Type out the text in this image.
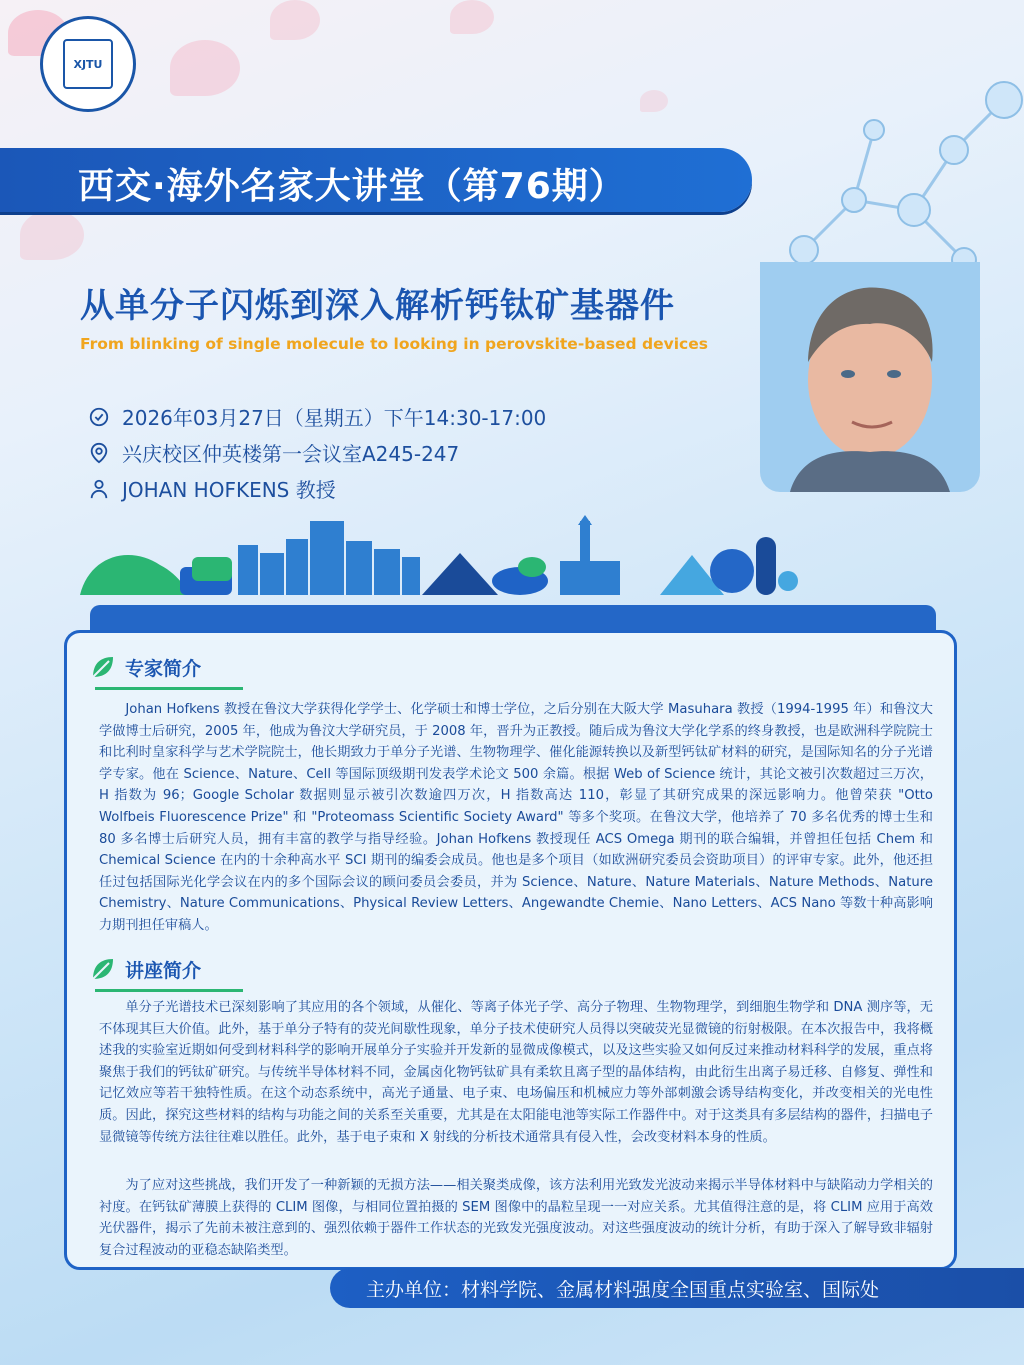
XJTU
西交·海外名家大讲堂（第76期）
从单分子闪烁到深入解析钙钛矿基器件
From blinking of single molecule to looking in perovskite-based devices
2026年03月27日（星期五）下午14:30-17:00
兴庆校区仲英楼第一会议室A245-247
JOHAN HOFKENS 教授
专家简介

Johan Hofkens 教授在鲁汶大学获得化学学士、化学硕士和博士学位，之后分别在大阪大学 Masuhara 教授（1994-1995 年）和鲁汶大学做博士后研究，2005 年，他成为鲁汶大学研究员，于 2008 年，晋升为正教授。随后成为鲁汶大学化学系的终身教授，也是欧洲科学院院士和比利时皇家科学与艺术学院院士，他长期致力于单分子光谱、生物物理学、催化能源转换以及新型钙钛矿材料的研究，是国际知名的分子光谱学专家。他在 Science、Nature、Cell 等国际顶级期刊发表学术论文 500 余篇。根据 Web of Science 统计，其论文被引次数超过三万次，H 指数为 96；Google Scholar 数据则显示被引次数逾四万次，H 指数高达 110，彰显了其研究成果的深远影响力。他曾荣获 "Otto Wolfbeis Fluorescence Prize" 和 "Proteomass Scientific Society Award" 等多个奖项。在鲁汶大学，他培养了 70 多名优秀的博士生和 80 多名博士后研究人员，拥有丰富的教学与指导经验。Johan Hofkens 教授现任 ACS Omega 期刊的联合编辑，并曾担任包括 Chem 和 Chemical Science 在内的十余种高水平 SCI 期刊的编委会成员。他也是多个项目（如欧洲研究委员会资助项目）的评审专家。此外，他还担任过包括国际光化学会议在内的多个国际会议的顾问委员会委员，并为 Science、Nature、Nature Materials、Nature Methods、Nature Chemistry、Nature Communications、Physical Review Letters、Angewandte Chemie、Nano Letters、ACS Nano 等数十种高影响力期刊担任审稿人。

讲座简介

单分子光谱技术已深刻影响了其应用的各个领域，从催化、等离子体光子学、高分子物理、生物物理学，到细胞生物学和 DNA 测序等，无不体现其巨大价值。此外，基于单分子特有的荧光间歇性现象，单分子技术使研究人员得以突破荧光显微镜的衍射极限。在本次报告中，我将概述我的实验室近期如何受到材料科学的影响开展单分子实验并开发新的显微成像模式，以及这些实验又如何反过来推动材料科学的发展，重点将聚焦于我们的钙钛矿研究。与传统半导体材料不同，金属卤化物钙钛矿具有柔软且离子型的晶体结构，由此衍生出离子易迁移、自修复、弹性和记忆效应等若干独特性质。在这个动态系统中，高光子通量、电子束、电场偏压和机械应力等外部刺激会诱导结构变化，并改变相关的光电性质。因此，探究这些材料的结构与功能之间的关系至关重要，尤其是在太阳能电池等实际工作器件中。对于这类具有多层结构的器件，扫描电子显微镜等传统方法往往难以胜任。此外，基于电子束和 X 射线的分析技术通常具有侵入性，会改变材料本身的性质。

为了应对这些挑战，我们开发了一种新颖的无损方法——相关聚类成像，该方法利用光致发光波动来揭示半导体材料中与缺陷动力学相关的衬度。在钙钛矿薄膜上获得的 CLIM 图像，与相同位置拍摄的 SEM 图像中的晶粒呈现一一对应关系。尤其值得注意的是，将 CLIM 应用于高效光伏器件，揭示了先前未被注意到的、强烈依赖于器件工作状态的光致发光强度波动。对这些强度波动的统计分析，有助于深入了解导致非辐射复合过程波动的亚稳态缺陷类型。

主办单位：材料学院、金属材料强度全国重点实验室、国际处
